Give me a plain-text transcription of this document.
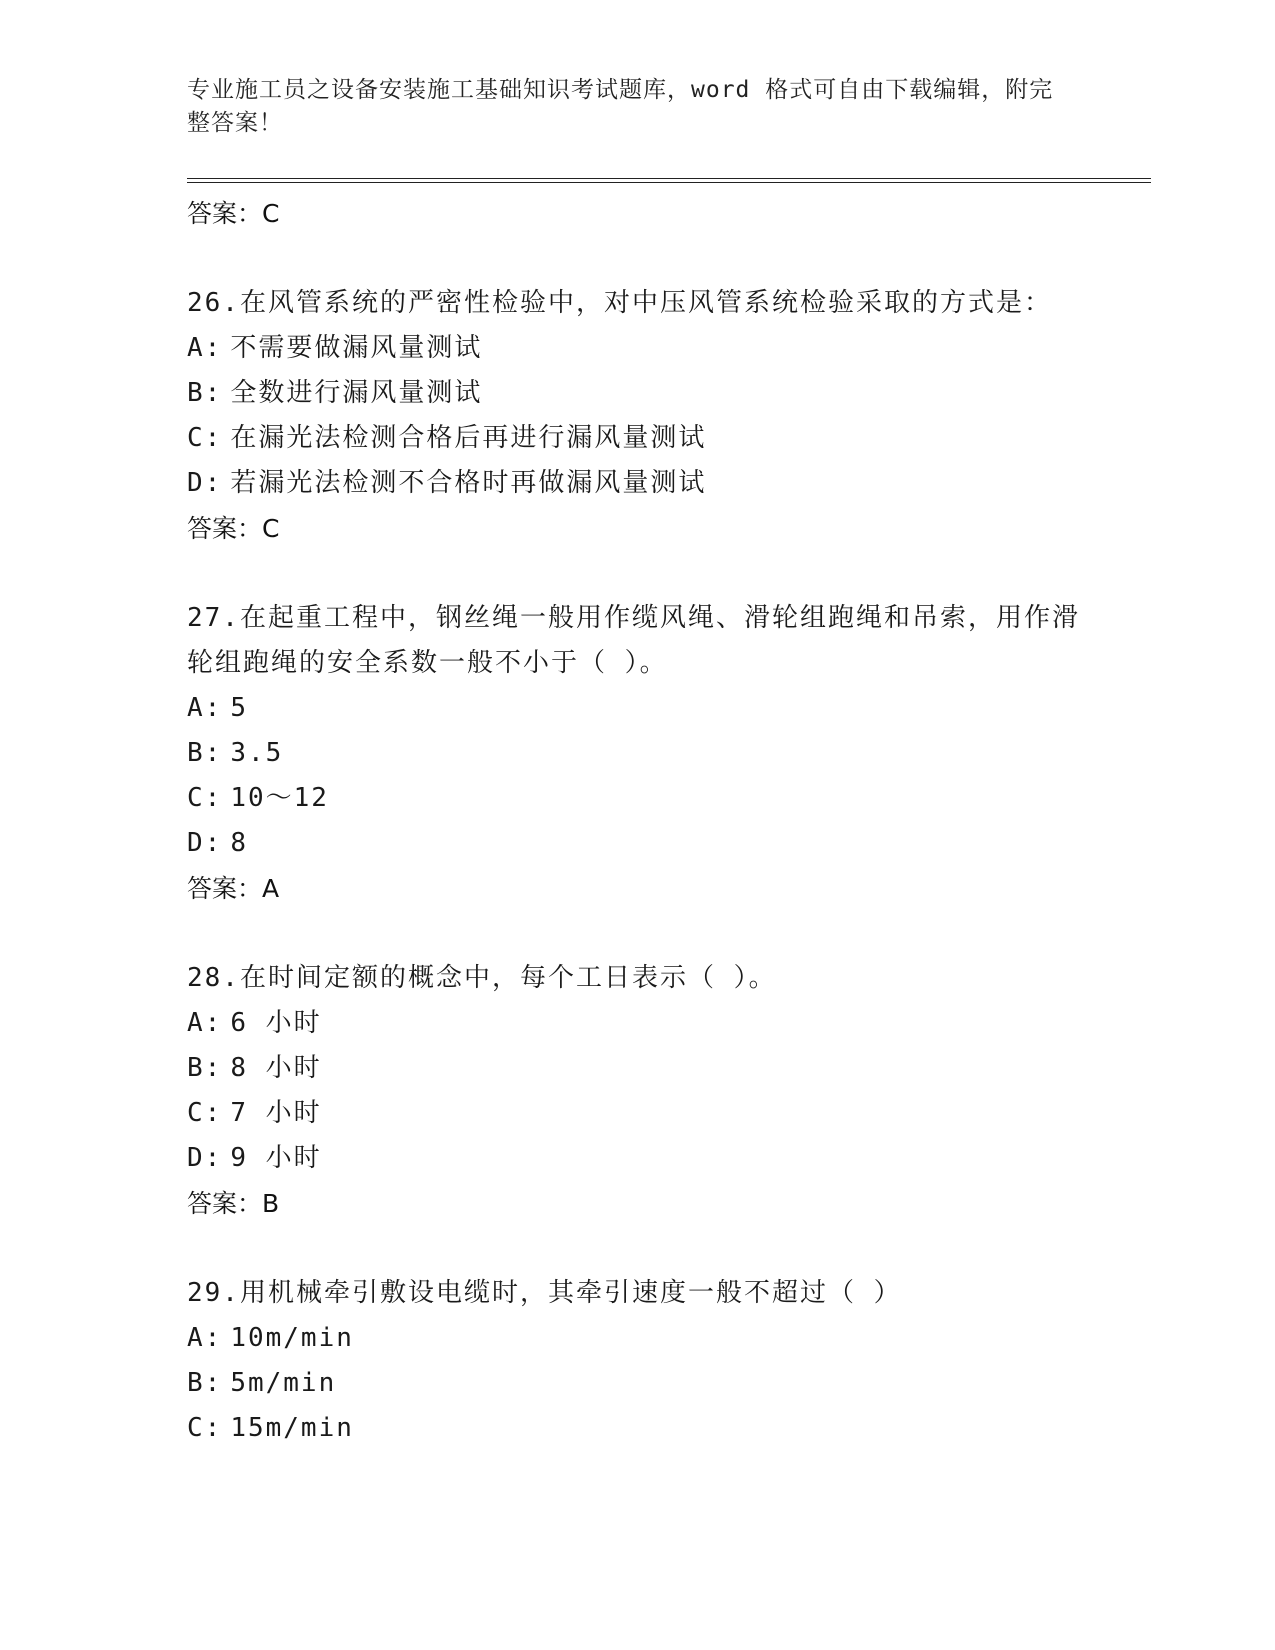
专业施工员之设备安装施工基础知识考试题库，word 格式可自由下载编辑，附完整答案！
答案：C
26.在风管系统的严密性检验中，对中压风管系统检验采取的方式是：
A: 不需要做漏风量测试
B: 全数进行漏风量测试
C: 在漏光法检测合格后再进行漏风量测试
D: 若漏光法检测不合格时再做漏风量测试
答案：C
27.在起重工程中，钢丝绳一般用作缆风绳、滑轮组跑绳和吊索，用作滑轮组跑绳的安全系数一般不小于（ ）。
A: 5
B: 3.5
C: 10～12
D: 8
答案：A
28.在时间定额的概念中，每个工日表示（ ）。
A: 6 小时
B: 8 小时
C: 7 小时
D: 9 小时
答案：B
29.用机械牵引敷设电缆时，其牵引速度一般不超过（ ）
A: 10m/min
B: 5m/min
C: 15m/min
